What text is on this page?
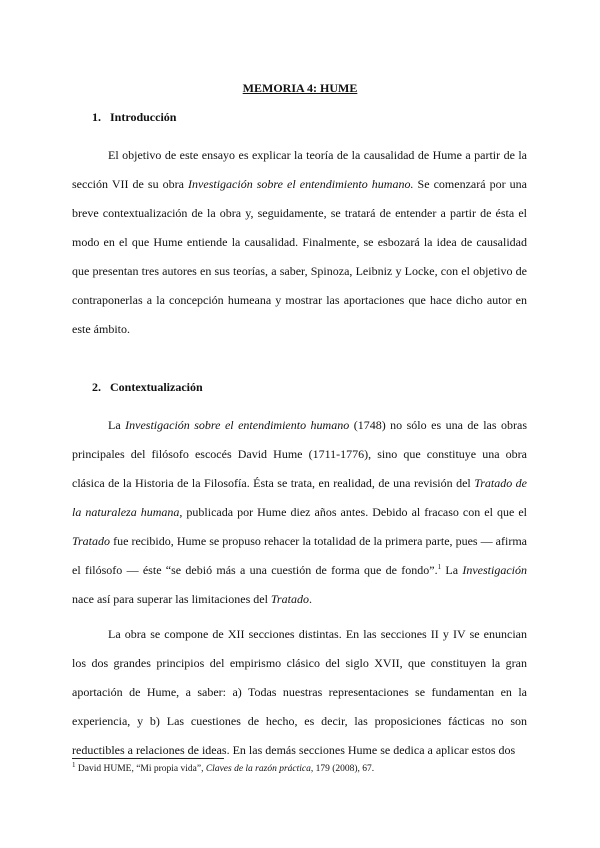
MEMORIA 4: HUME
1. Introducción

El objetivo de este ensayo es explicar la teoría de la causalidad de Hume a partir de la sección VII de su obra Investigación sobre el entendimiento humano. Se comenzará por una breve contextualización de la obra y, seguidamente, se tratará de entender a partir de ésta el modo en el que Hume entiende la causalidad. Finalmente, se esbozará la idea de causalidad que presentan tres autores en sus teorías, a saber, Spinoza, Leibniz y Locke, con el objetivo de contraponerlas a la concepción humeana y mostrar las aportaciones que hace dicho autor en este ámbito.

2. Contextualización

La Investigación sobre el entendimiento humano (1748) no sólo es una de las obras principales del filósofo escocés David Hume (1711-1776), sino que constituye una obra clásica de la Historia de la Filosofía. Ésta se trata, en realidad, de una revisión del Tratado de la naturaleza humana, publicada por Hume diez años antes. Debido al fracaso con el que el Tratado fue recibido, Hume se propuso rehacer la totalidad de la primera parte, pues — afirma el filósofo — éste “se debió más a una cuestión de forma que de fondo”.$^1$ La Investigación nace así para superar las limitaciones del Tratado.

La obra se compone de XII secciones distintas. En las secciones II y IV se enuncian los dos grandes principios del empirismo clásico del siglo XVII, que constituyen la gran aportación de Hume, a saber: a) Todas nuestras representaciones se fundamentan en la experiencia, y b) Las cuestiones de hecho, es decir, las proposiciones fácticas no son reductibles a relaciones de ideas. En las demás secciones Hume se dedica a aplicar estos dos

$^1$ David HUME, “Mi propia vida”, Claves de la razón práctica, 179 (2008), 67.
